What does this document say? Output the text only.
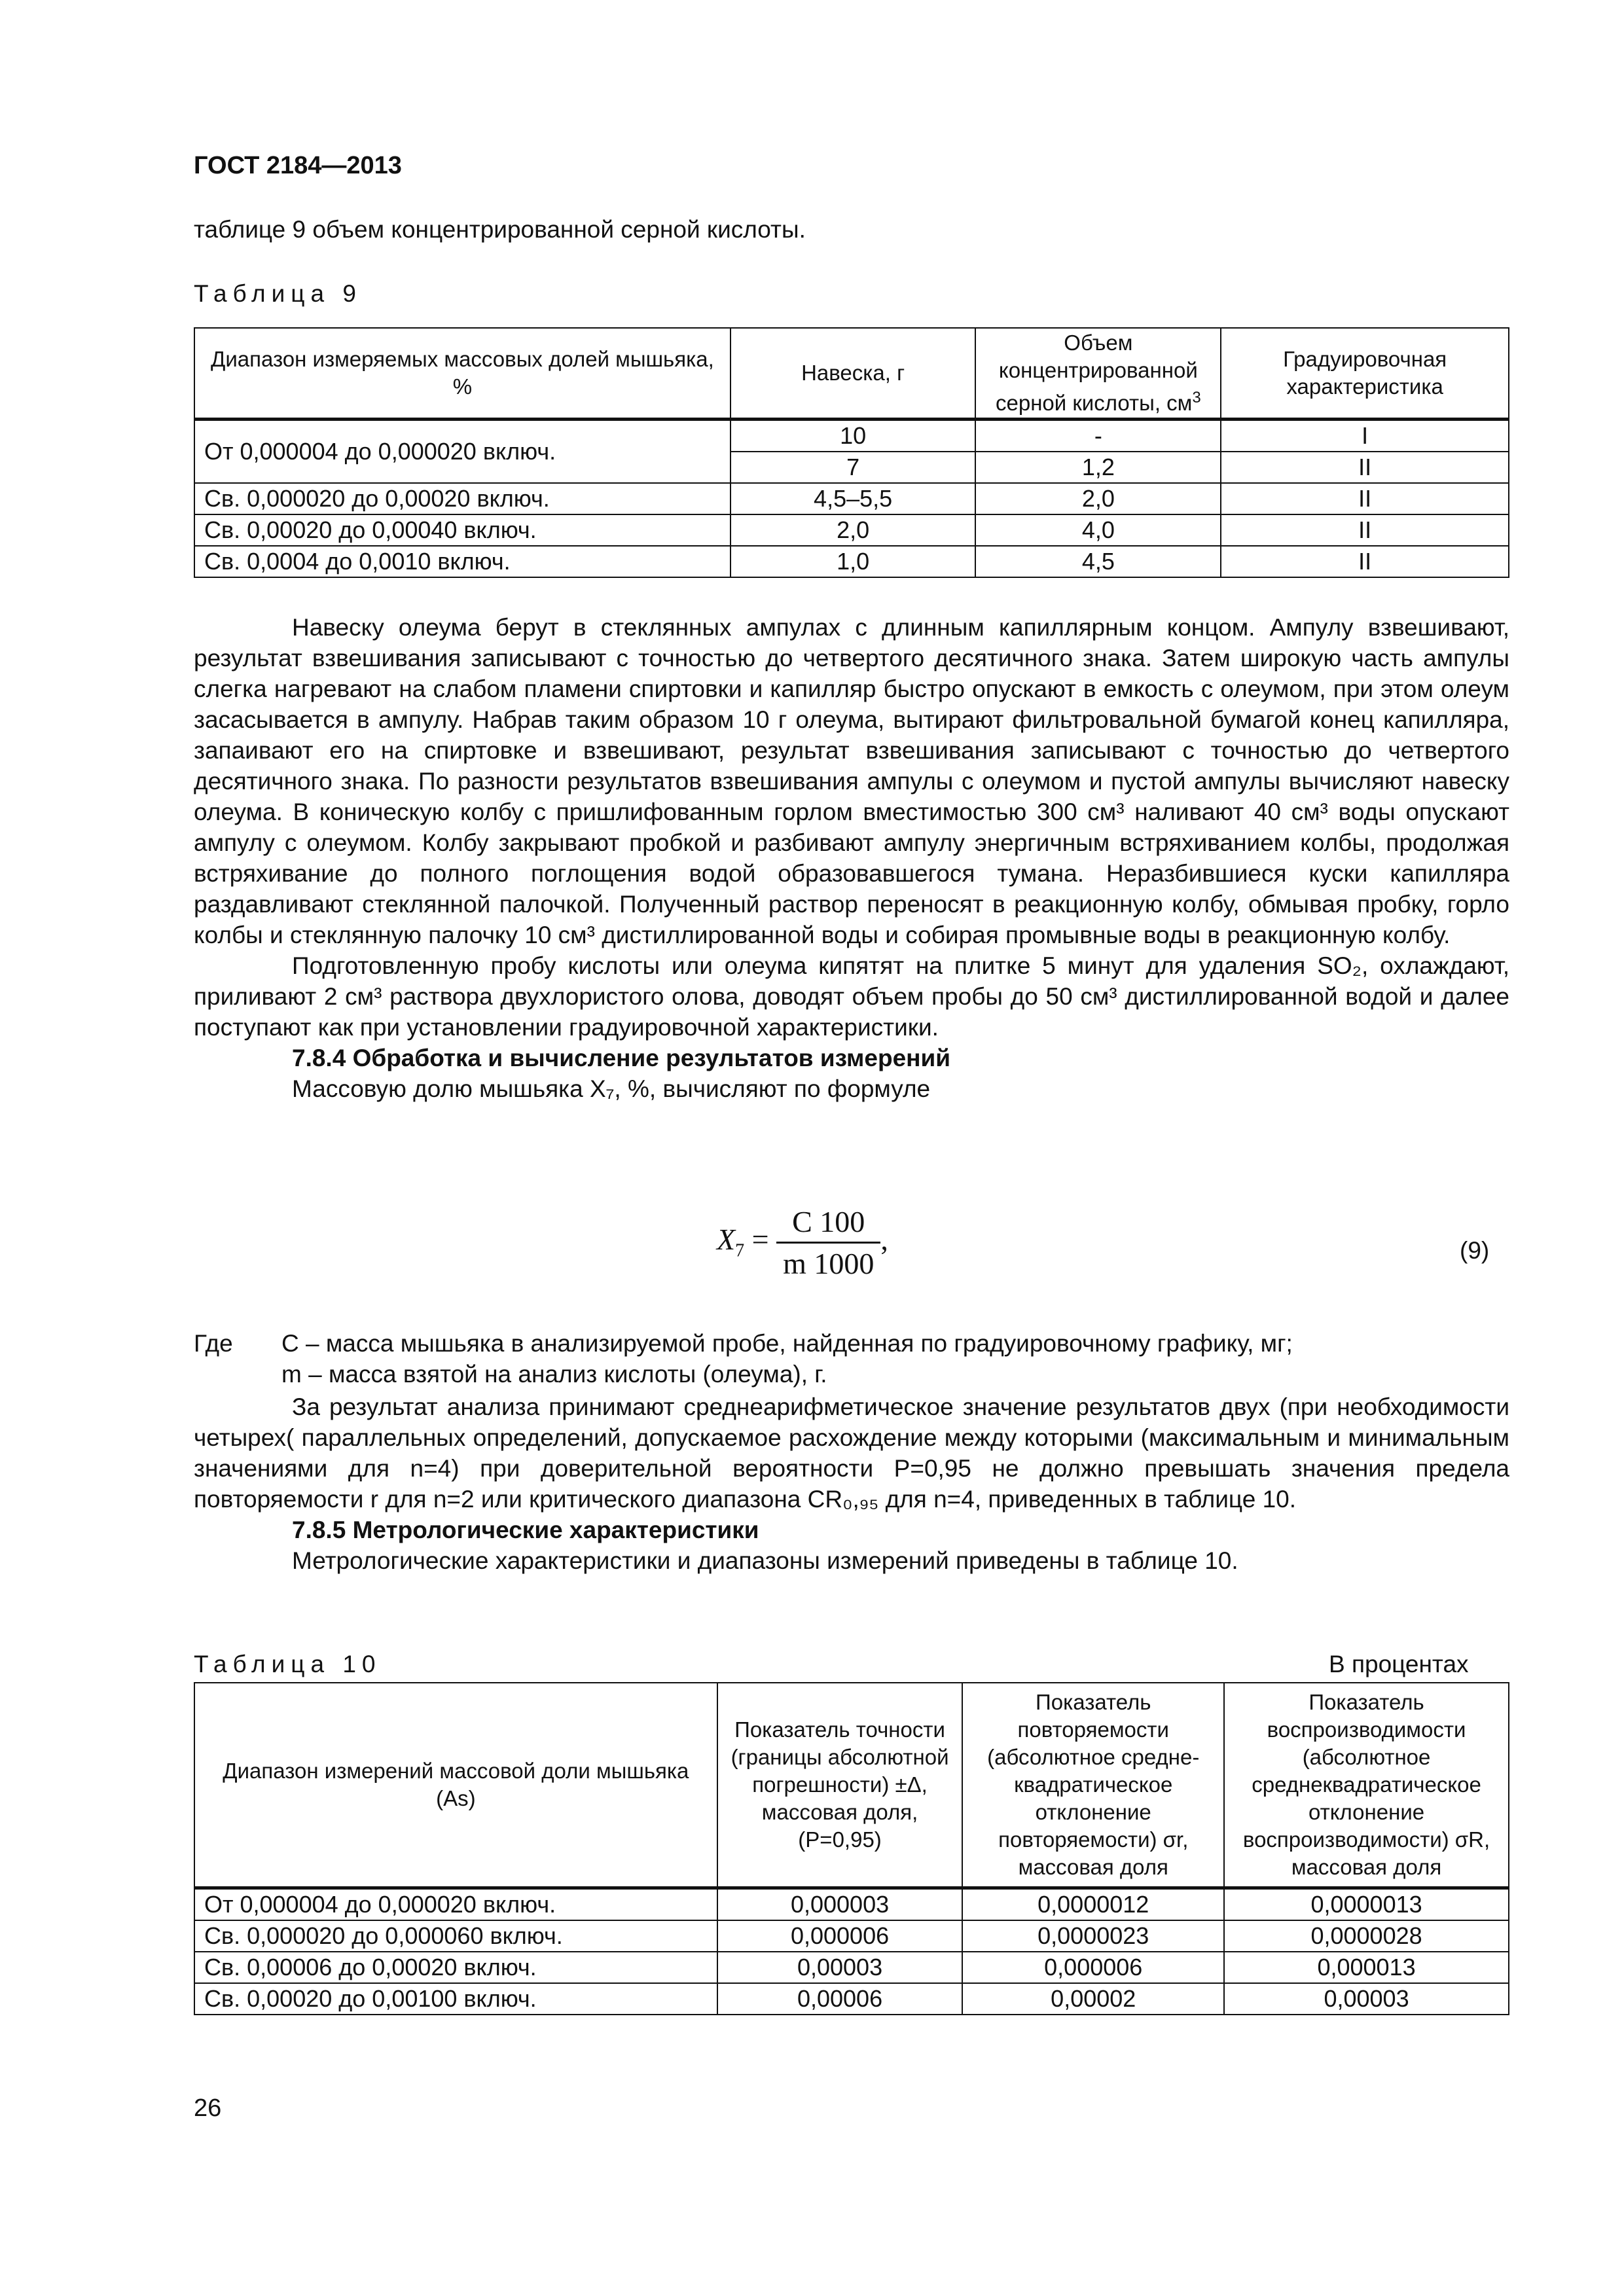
ГОСТ 2184—2013
таблице 9 объем концентрированной серной кислоты.
Таблица 9
Диапазон измеряемых массовых долей мышьяка, %	Навеска, г	Объем концентрированной серной кислоты, $см^3$	Градуировочная характеристика
От 0,000004 до 0,000020 включ.	10	-	I
	7	1,2	II
Св. 0,000020 до 0,00020 включ.	4,5–5,5	2,0	II
Св. 0,00020 до 0,00040 включ.	2,0	4,0	II
Св. 0,0004 до 0,0010 включ.	1,0	4,5	II

Навеску олеума берут в стеклянных ампулах с длинным капиллярным концом. Ампулу взвешивают, результат взвешивания записывают с точностью до четвертого десятичного знака. Затем широкую часть ампулы слегка нагревают на слабом пламени спиртовки и капилляр быстро опускают в емкость с олеумом, при этом олеум засасывается в ампулу. Набрав таким образом 10 г олеума, вытирают фильтровальной бумагой конец капилляра, запаивают его на спиртовке и взвешивают, результат взвешивания записывают с точностью до четвертого десятичного знака. По разности результатов взвешивания ампулы с олеумом и пустой ампулы вычисляют навеску олеума. В коническую колбу с пришлифованным горлом вместимостью 300 см³ наливают 40 см³ воды опускают ампулу с олеумом. Колбу закрывают пробкой и разбивают ампулу энергичным встряхиванием колбы, продолжая встряхивание до полного поглощения водой образовавшегося тумана. Неразбившиеся куски капилляра раздавливают стеклянной палочкой. Полученный раствор переносят в реакционную колбу, обмывая пробку, горло колбы и стеклянную палочку 10 см³ дистиллированной воды и собирая промывные воды в реакционную колбу.

Подготовленную пробу кислоты или олеума кипятят на плитке 5 минут для удаления SO₂, охлаждают, приливают 2 см³ раствора двухлористого олова, доводят объем пробы до 50 см³ дистиллированной водой и далее поступают как при установлении градуировочной характеристики.

7.8.4 Обработка и вычисление результатов измерений

Массовую долю мышьяка X₇, %, вычисляют по формуле

$X_7 = \frac{C 100}{m 1000}$ ,	(9)
Где C – масса мышьяка в анализируемой пробе, найденная по градуировочному графику, мг;
m – масса взятой на анализ кислоты (олеума), г.

За результат анализа принимают среднеарифметическое значение результатов двух (при необходимости четырех( параллельных определений, допускаемое расхождение между которыми (максимальным и минимальным значениями для n=4) при доверительной вероятности P=0,95 не должно превышать значения предела повторяемости r для n=2 или критического диапазона CR₀,₉₅ для n=4, приведенных в таблице 10.

7.8.5 Метрологические характеристики

Метрологические характеристики и диапазоны измерений приведены в таблице 10.

Таблица 10	В процентах
Диапазон измерений массовой доли мышьяка (As)	Показатель точности (границы абсолютной погрешности) ±Δ, массовая доля, (P=0,95)	Показатель повторяемости (абсолютное средне-квадратическое отклонение повторяемости) σr, массовая доля	Показатель воспроизводимости (абсолютное среднеквадратическое отклонение воспроизводимости) σR, массовая доля
От 0,000004 до 0,000020 включ.	0,000003	0,0000012	0,0000013
Св. 0,000020 до 0,000060 включ.	0,000006	0,0000023	0,0000028
Св. 0,00006 до 0,00020 включ.	0,00003	0,000006	0,000013
Св. 0,00020 до 0,00100 включ.	0,00006	0,00002	0,00003
26
